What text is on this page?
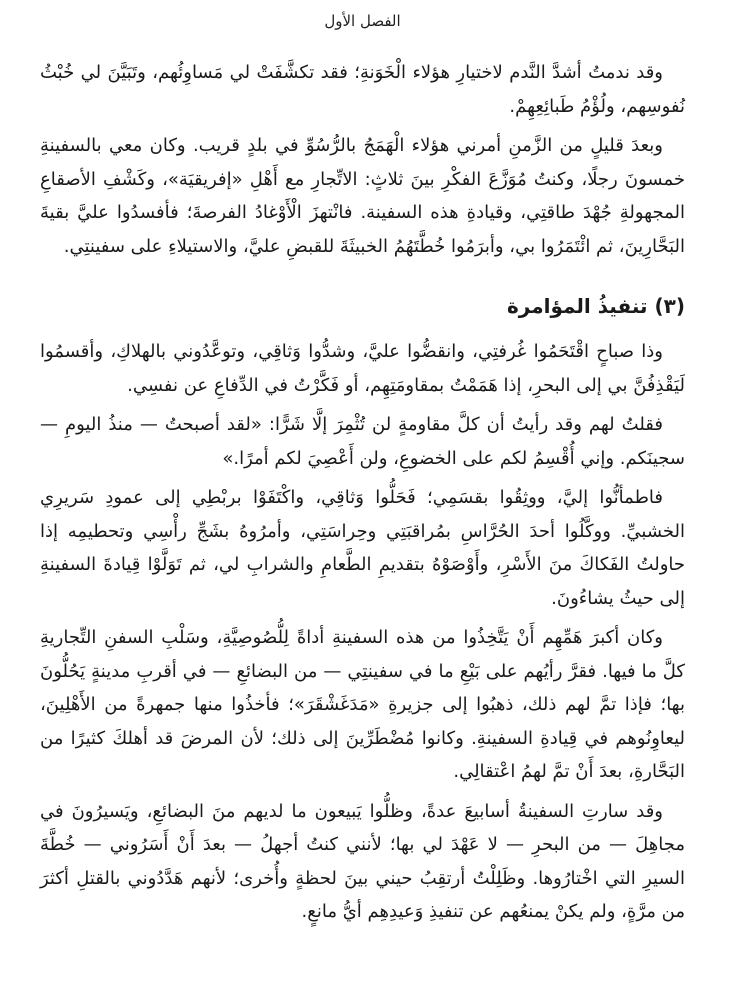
الفصل الأول

وقد ندمتُ أشدَّ النَّدم لاختيارِ هؤلاء الْخَوَنةِ؛ فقد تكشَّفَتْ لي مَساوِئُهم، وتَبَيَّنَ لي خُبْثُ نُفوسِهم، ولُؤْمُ طَبائِعِهِمْ.

وبعدَ قليلٍ من الزَّمنِ أمرني هؤلاء الْهَمَجُ بالرُّسُوِّ في بلدٍ قريب. وكان معي بالسفينةِ خمسونَ رجلًا، وكنتُ مُوَزَّعَ الفكْرِ بينَ ثلاثٍ: الاتِّجارِ مع أَهْلِ «إفريقيَة»، وكَشْفِ الأصقاعِ المجهولةِ جُهْدَ طاقتِي، وقيادةِ هذه السفينة. فانْتهزَ الْأَوْغادُ الفرصةَ؛ فأفسدُوا عليَّ بقيةَ البَحَّارِينَ، ثم ائْتَمَرُوا بي، وأبرَمُوا خُطَّتَهُمُ الخبيثَةَ للقبضِ عليَّ، والاستيلاءِ على سفينتِي.

(٣) تنفيذُ المؤامرة

وذا صباحٍ اقْتَحَمُوا غُرفتِي، وانقضُّوا عليَّ، وشدُّوا وَثاقِي، وتوعَّدُوني بالهلاكِ، وأقسمُوا لَيَقْذِفُنَّ بي إلى البحرِ، إذا هَمَمْتُ بمقاومَتِهِم، أو فَكَّرْتُ في الدِّفاعِ عن نفسِي.

فقلتُ لهم وقد رأيتُ أن كلَّ مقاومةٍ لن تُثْمِرَ إلَّا شَرًّا: «لقد أصبحتُ — منذُ اليومِ — سجينَكم. وإني أُقْسِمُ لكم على الخضوعِ، ولن أَعْصِيَ لكم أمرًا.»

فاطمأنُّوا إليَّ، ووثِقُوا بقسَمِي؛ فَحَلُّوا وَثاقِي، واكْتَفَوْا بربْطِي إلى عمودِ سَريرِي الخشبيِّ. ووكَّلُوا أحدَ الحُرَّاسِ بمُراقبَتِي وحِراسَتِي، وأمرُوهُ بشَجِّ رأْسِي وتحطيمِه إذا حاولتُ الفَكاكَ منَ الأَسْرِ، وأَوْصَوْهُ بتقديمِ الطَّعامِ والشرابِ لي، ثم تَوَلَّوْا قِيادةَ السفينةِ إلى حيثُ يشاءُونَ.

وكان أكبرَ هَمِّهِم أَنْ يَتَّخِذُوا من هذه السفينةِ أداةً لِلُّصُوصِيَّةِ، وسَلْبِ السفنِ التِّجاريةِ كلَّ ما فيها. فقرَّ رأيُهم على بَيْعِ ما في سفينتِي — من البضائعِ — في أقربِ مدينةٍ يَحُلُّونَ بها؛ فإذا تمَّ لهم ذلك، ذهبُوا إلى جزيرةِ «مَدَغَشْقَرَ»؛ فأخذُوا منها جمهرةً من الأَهْلِينَ، ليعاوِنُوهم في قِيادةِ السفينةِ. وكانوا مُضْطَرِّينَ إلى ذلك؛ لأن المرضَ قد أهلكَ كثيرًا من البَحَّارةِ، بعدَ أَنْ تمَّ لهمُ اعْتقالِي.

وقد سارتِ السفينةُ أسابيعَ عدةً، وظلُّوا يَبيعون ما لديهم منَ البضائعِ، ويَسيرُونَ في مجاهِلَ — من البحرِ — لا عَهْدَ لي بها؛ لأنني كنتُ أجهلُ — بعدَ أَنْ أَسَرُوني — خُطَّةَ السيرِ التي اخْتارُوها. وظَلِلْتُ أرتقِبُ حيني بينَ لحظةٍ وأُخرى؛ لأنهم هَدَّدُوني بالقتلِ أكثرَ من مرَّةٍ، ولم يكنْ يمنعُهم عن تنفيذِ وَعيدِهِم أيُّ مانعٍ.
